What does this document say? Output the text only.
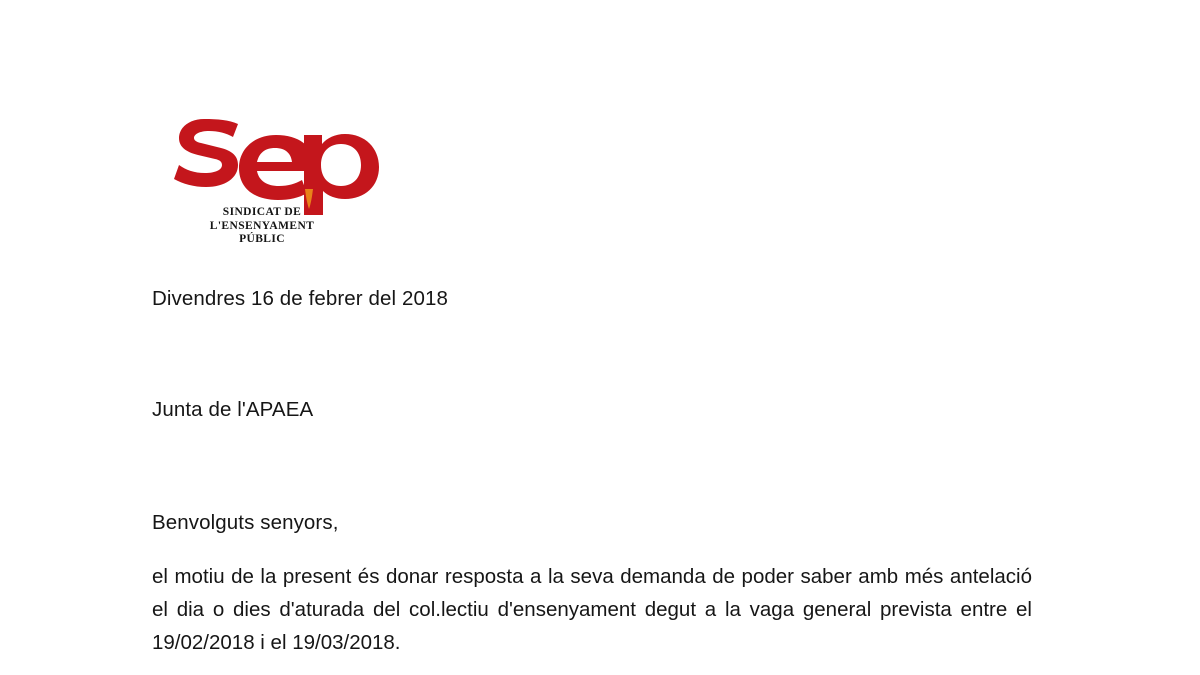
SINDICAT DE
L'ENSENYAMENT
PÚBLIC
Divendres 16 de febrer del 2018
Junta de l'APAEA
Benvolguts senyors,
el motiu de la present és donar resposta a la seva demanda de poder saber amb més antelació el dia o dies d'aturada del col.lectiu d'ensenyament degut a la vaga general prevista entre el 19/02/2018 i el 19/03/2018.
